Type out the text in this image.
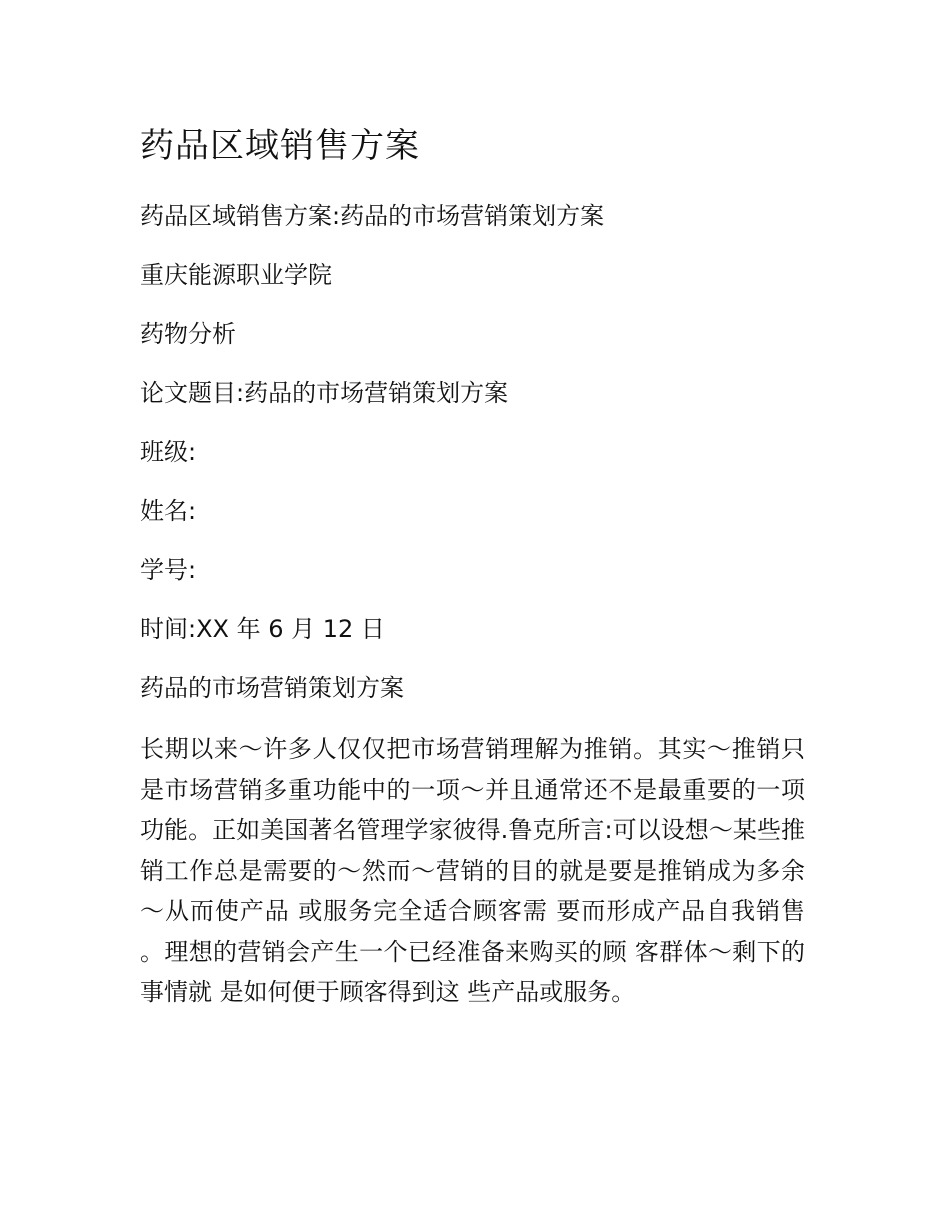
药品区域销售方案
药品区域销售方案:药品的市场营销策划方案
重庆能源职业学院
药物分析
论文题目:药品的市场营销策划方案
班级:
姓名:
学号:
时间:XX 年 6 月 12 日
药品的市场营销策划方案

长期以来～许多人仅仅把市场营销理解为推销。其实～推销只是市场营销多重功能中的一项～并且通常还不是最重要的一项功能。正如美国著名管理学家彼得.鲁克所言:可以设想～某些推销工作总是需要的～然而～营销的目的就是要是推销成为多余～从而使产品 或服务完全适合顾客需 要而形成产品自我销售 。理想的营销会产生一个已经准备来购买的顾 客群体～剩下的事情就 是如何便于顾客得到这 些产品或服务。
